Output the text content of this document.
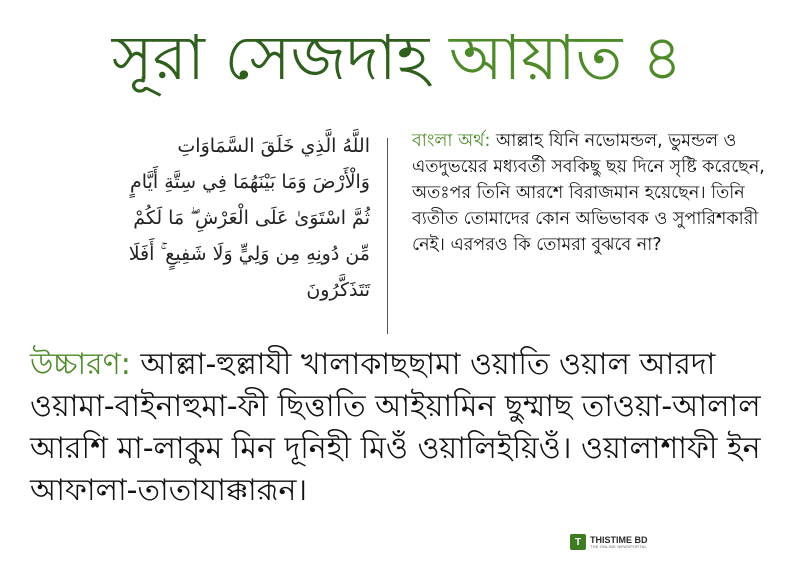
সূরা সেজদাহ আয়াত ৪
اللَّهُ الَّذِي خَلَقَ السَّمَاوَاتِ
وَالْأَرْضَ وَمَا بَيْنَهُمَا فِي سِتَّةِ أَيَّامٍ
ثُمَّ اسْتَوَىٰ عَلَى الْعَرْشِ ۖ مَا لَكُمْ
مِّن دُونِهِ مِن وَلِيٍّ وَلَا شَفِيعٍ ۚ أَفَلَا
تَتَذَكَّرُونَ
বাংলা অর্থ: আল্লাহ যিনি নভোমন্ডল, ভুমন্ডল ও এতদুভয়ের মধ্যবর্তী সবকিছু ছয় দিনে সৃষ্টি করেছেন, অতঃপর তিনি আরশে বিরাজমান হয়েছেন। তিনি ব্যতীত তোমাদের কোন অভিভাবক ও সুপারিশকারী নেই। এরপরও কি তোমরা বুঝবে না?
উচ্চারণ: আল্লা-হুল্লাযী খালাকাছছামা ওয়াতি ওয়াল আরদা ওয়ামা-বাইনাহুমা-ফী ছিত্তাতি আইয়ামিন ছুম্মাছ তাওয়া-আলাল আরশি মা-লাকুম মিন দূনিহী মিওঁ ওয়ালিইয়িওঁ। ওয়ালাশাফী ইন আফালা-তাতাযাক্কারূন।
T THISTIME BD
THE ONLINE NEWSPORTAL
